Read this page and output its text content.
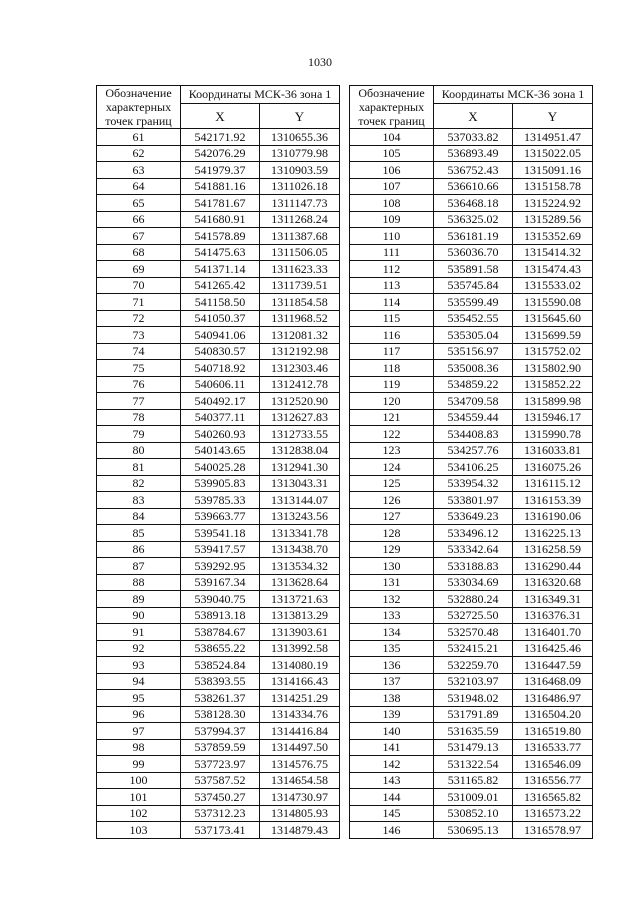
1030
Обозначение характерных точек границ	Координаты МСК-36 зона 1	
	X	Y
61	542171.92	1310655.36
62	542076.29	1310779.98
63	541979.37	1310903.59
64	541881.16	1311026.18
65	541781.67	1311147.73
66	541680.91	1311268.24
67	541578.89	1311387.68
68	541475.63	1311506.05
69	541371.14	1311623.33
70	541265.42	1311739.51
71	541158.50	1311854.58
72	541050.37	1311968.52
73	540941.06	1312081.32
74	540830.57	1312192.98
75	540718.92	1312303.46
76	540606.11	1312412.78
77	540492.17	1312520.90
78	540377.11	1312627.83
79	540260.93	1312733.55
80	540143.65	1312838.04
81	540025.28	1312941.30
82	539905.83	1313043.31
83	539785.33	1313144.07
84	539663.77	1313243.56
85	539541.18	1313341.78
86	539417.57	1313438.70
87	539292.95	1313534.32
88	539167.34	1313628.64
89	539040.75	1313721.63
90	538913.18	1313813.29
91	538784.67	1313903.61
92	538655.22	1313992.58
93	538524.84	1314080.19
94	538393.55	1314166.43
95	538261.37	1314251.29
96	538128.30	1314334.76
97	537994.37	1314416.84
98	537859.59	1314497.50
99	537723.97	1314576.75
100	537587.52	1314654.58
101	537450.27	1314730.97
102	537312.23	1314805.93
103	537173.41	1314879.43
Обозначение характерных точек границ	Координаты МСК-36 зона 1	
	X	Y
104	537033.82	1314951.47
105	536893.49	1315022.05
106	536752.43	1315091.16
107	536610.66	1315158.78
108	536468.18	1315224.92
109	536325.02	1315289.56
110	536181.19	1315352.69
111	536036.70	1315414.32
112	535891.58	1315474.43
113	535745.84	1315533.02
114	535599.49	1315590.08
115	535452.55	1315645.60
116	535305.04	1315699.59
117	535156.97	1315752.02
118	535008.36	1315802.90
119	534859.22	1315852.22
120	534709.58	1315899.98
121	534559.44	1315946.17
122	534408.83	1315990.78
123	534257.76	1316033.81
124	534106.25	1316075.26
125	533954.32	1316115.12
126	533801.97	1316153.39
127	533649.23	1316190.06
128	533496.12	1316225.13
129	533342.64	1316258.59
130	533188.83	1316290.44
131	533034.69	1316320.68
132	532880.24	1316349.31
133	532725.50	1316376.31
134	532570.48	1316401.70
135	532415.21	1316425.46
136	532259.70	1316447.59
137	532103.97	1316468.09
138	531948.02	1316486.97
139	531791.89	1316504.20
140	531635.59	1316519.80
141	531479.13	1316533.77
142	531322.54	1316546.09
143	531165.82	1316556.77
144	531009.01	1316565.82
145	530852.10	1316573.22
146	530695.13	1316578.97
